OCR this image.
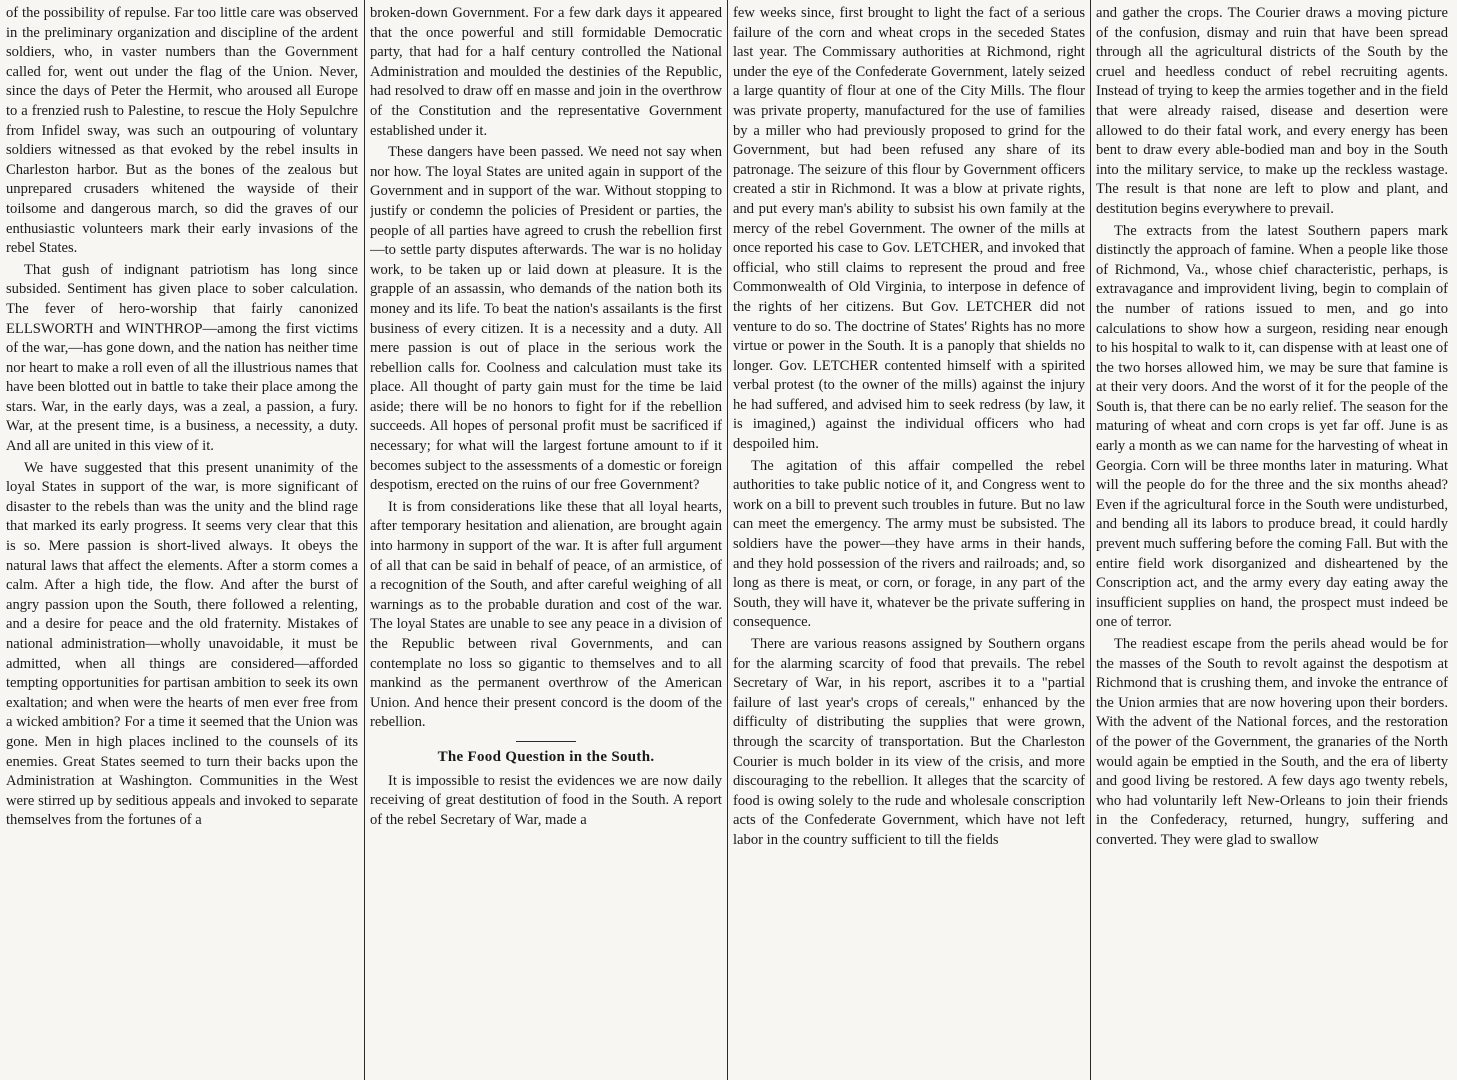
of the possibility of repulse. Far too little care was observed in the preliminary organization and discipline of the ardent soldiers, who, in vaster numbers than the Government called for, went out under the flag of the Union. Never, since the days of Peter the Hermit, who aroused all Europe to a frenzied rush to Palestine, to rescue the Holy Sepulchre from Infidel sway, was such an outpouring of voluntary soldiers witnessed as that evoked by the rebel insults in Charleston harbor. But as the bones of the zealous but unprepared crusaders whitened the wayside of their toilsome and dangerous march, so did the graves of our enthusiastic volunteers mark their early invasions of the rebel States.

That gush of indignant patriotism has long since subsided. Sentiment has given place to sober calculation. The fever of hero-worship that fairly canonized ELLSWORTH and WINTHROP—among the first victims of the war,—has gone down, and the nation has neither time nor heart to make a roll even of all the illustrious names that have been blotted out in battle to take their place among the stars. War, in the early days, was a zeal, a passion, a fury. War, at the present time, is a business, a necessity, a duty. And all are united in this view of it.

We have suggested that this present unanimity of the loyal States in support of the war, is more significant of disaster to the rebels than was the unity and the blind rage that marked its early progress. It seems very clear that this is so. Mere passion is short-lived always. It obeys the natural laws that affect the elements. After a storm comes a calm. After a high tide, the flow. And after the burst of angry passion upon the South, there followed a relenting, and a desire for peace and the old fraternity. Mistakes of national administration—wholly unavoidable, it must be admitted, when all things are considered—afforded tempting opportunities for partisan ambition to seek its own exaltation; and when were the hearts of men ever free from a wicked ambition? For a time it seemed that the Union was gone. Men in high places inclined to the counsels of its enemies. Great States seemed to turn their backs upon the Administration at Washington. Communities in the West were stirred up by seditious appeals and invoked to separate themselves from the fortunes of a

broken-down Government. For a few dark days it appeared that the once powerful and still formidable Democratic party, that had for a half century controlled the National Administration and moulded the destinies of the Republic, had resolved to draw off en masse and join in the overthrow of the Constitution and the representative Government established under it.

These dangers have been passed. We need not say when nor how. The loyal States are united again in support of the Government and in support of the war. Without stopping to justify or condemn the policies of President or parties, the people of all parties have agreed to crush the rebellion first—to settle party disputes afterwards. The war is no holiday work, to be taken up or laid down at pleasure. It is the grapple of an assassin, who demands of the nation both its money and its life. To beat the nation's assailants is the first business of every citizen. It is a necessity and a duty. All mere passion is out of place in the serious work the rebellion calls for. Coolness and calculation must take its place. All thought of party gain must for the time be laid aside; there will be no honors to fight for if the rebellion succeeds. All hopes of personal profit must be sacrificed if necessary; for what will the largest fortune amount to if it becomes subject to the assessments of a domestic or foreign despotism, erected on the ruins of our free Government?

It is from considerations like these that all loyal hearts, after temporary hesitation and alienation, are brought again into harmony in support of the war. It is after full argument of all that can be said in behalf of peace, of an armistice, of a recognition of the South, and after careful weighing of all warnings as to the probable duration and cost of the war. The loyal States are unable to see any peace in a division of the Republic between rival Governments, and can contemplate no loss so gigantic to themselves and to all mankind as the permanent overthrow of the American Union. And hence their present concord is the doom of the rebellion.

The Food Question in the South.

It is impossible to resist the evidences we are now daily receiving of great destitution of food in the South. A report of the rebel Secretary of War, made a

few weeks since, first brought to light the fact of a serious failure of the corn and wheat crops in the seceded States last year. The Commissary authorities at Richmond, right under the eye of the Confederate Government, lately seized a large quantity of flour at one of the City Mills. The flour was private property, manufactured for the use of families by a miller who had previously proposed to grind for the Government, but had been refused any share of its patronage. The seizure of this flour by Government officers created a stir in Richmond. It was a blow at private rights, and put every man's ability to subsist his own family at the mercy of the rebel Government. The owner of the mills at once reported his case to Gov. LETCHER, and invoked that official, who still claims to represent the proud and free Commonwealth of Old Virginia, to interpose in defence of the rights of her citizens. But Gov. LETCHER did not venture to do so. The doctrine of States' Rights has no more virtue or power in the South. It is a panoply that shields no longer. Gov. LETCHER contented himself with a spirited verbal protest (to the owner of the mills) against the injury he had suffered, and advised him to seek redress (by law, it is imagined,) against the individual officers who had despoiled him.

The agitation of this affair compelled the rebel authorities to take public notice of it, and Congress went to work on a bill to prevent such troubles in future. But no law can meet the emergency. The army must be subsisted. The soldiers have the power—they have arms in their hands, and they hold possession of the rivers and railroads; and, so long as there is meat, or corn, or forage, in any part of the South, they will have it, whatever be the private suffering in consequence.

There are various reasons assigned by Southern organs for the alarming scarcity of food that prevails. The rebel Secretary of War, in his report, ascribes it to a "partial failure of last year's crops of cereals," enhanced by the difficulty of distributing the supplies that were grown, through the scarcity of transportation. But the Charleston Courier is much bolder in its view of the crisis, and more discouraging to the rebellion. It alleges that the scarcity of food is owing solely to the rude and wholesale conscription acts of the Confederate Government, which have not left labor in the country sufficient to till the fields

and gather the crops. The Courier draws a moving picture of the confusion, dismay and ruin that have been spread through all the agricultural districts of the South by the cruel and heedless conduct of rebel recruiting agents. Instead of trying to keep the armies together and in the field that were already raised, disease and desertion were allowed to do their fatal work, and every energy has been bent to draw every able-bodied man and boy in the South into the military service, to make up the reckless wastage. The result is that none are left to plow and plant, and destitution begins everywhere to prevail.

The extracts from the latest Southern papers mark distinctly the approach of famine. When a people like those of Richmond, Va., whose chief characteristic, perhaps, is extravagance and improvident living, begin to complain of the number of rations issued to men, and go into calculations to show how a surgeon, residing near enough to his hospital to walk to it, can dispense with at least one of the two horses allowed him, we may be sure that famine is at their very doors. And the worst of it for the people of the South is, that there can be no early relief. The season for the maturing of wheat and corn crops is yet far off. June is as early a month as we can name for the harvesting of wheat in Georgia. Corn will be three months later in maturing. What will the people do for the three and the six months ahead? Even if the agricultural force in the South were undisturbed, and bending all its labors to produce bread, it could hardly prevent much suffering before the coming Fall. But with the entire field work disorganized and disheartened by the Conscription act, and the army every day eating away the insufficient supplies on hand, the prospect must indeed be one of terror.

The readiest escape from the perils ahead would be for the masses of the South to revolt against the despotism at Richmond that is crushing them, and invoke the entrance of the Union armies that are now hovering upon their borders. With the advent of the National forces, and the restoration of the power of the Government, the granaries of the North would again be emptied in the South, and the era of liberty and good living be restored. A few days ago twenty rebels, who had voluntarily left New-Orleans to join their friends in the Confederacy, returned, hungry, suffering and converted. They were glad to swallow
